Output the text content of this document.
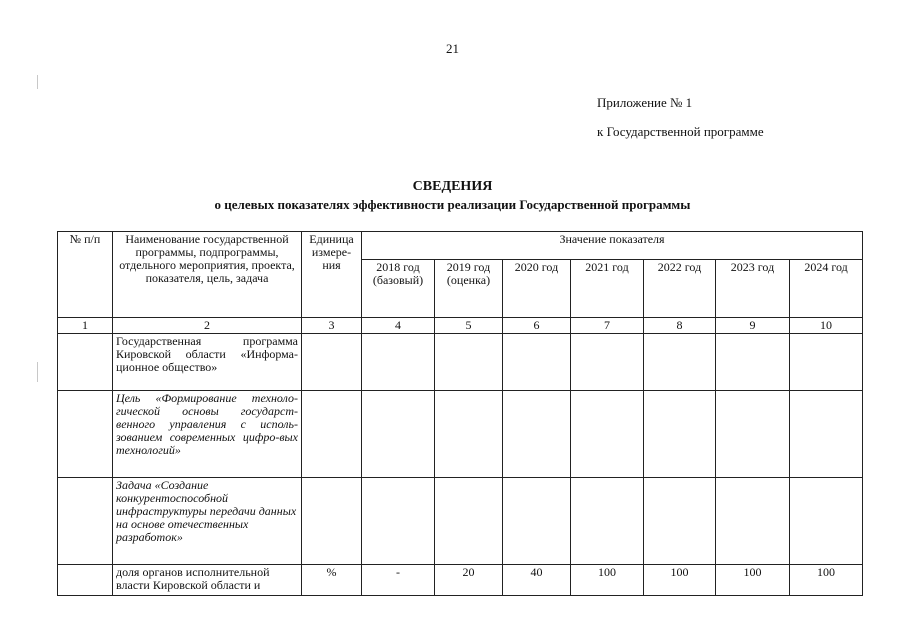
21
Приложение № 1
к Государственной программе
СВЕДЕНИЯ
о целевых показателях эффективности реализации Государственной программы
№ п/п	Наименование государственной программы, подпрограммы, отдельного мероприятия, проекта, показателя, цель, задача	Единица измере-ния	Значение показателя						
			2018 год (базовый)	2019 год (оценка)	2020 год	2021 год	2022 год	2023 год	2024 год
1	2	3	4	5	6	7	8	9	10
	Государственная программа Кировской области «Информа-ционное общество»								
	Цель «Формирование техноло-гической основы государст-венного управления с исполь-зованием современных цифро-вых технологий»								
	Задача «Создание конкурентоспособной инфраструктуры передачи данных на основе отечественных разработок»								
	доля органов исполнительной власти Кировской области и	%	-	20	40	100	100	100	100
